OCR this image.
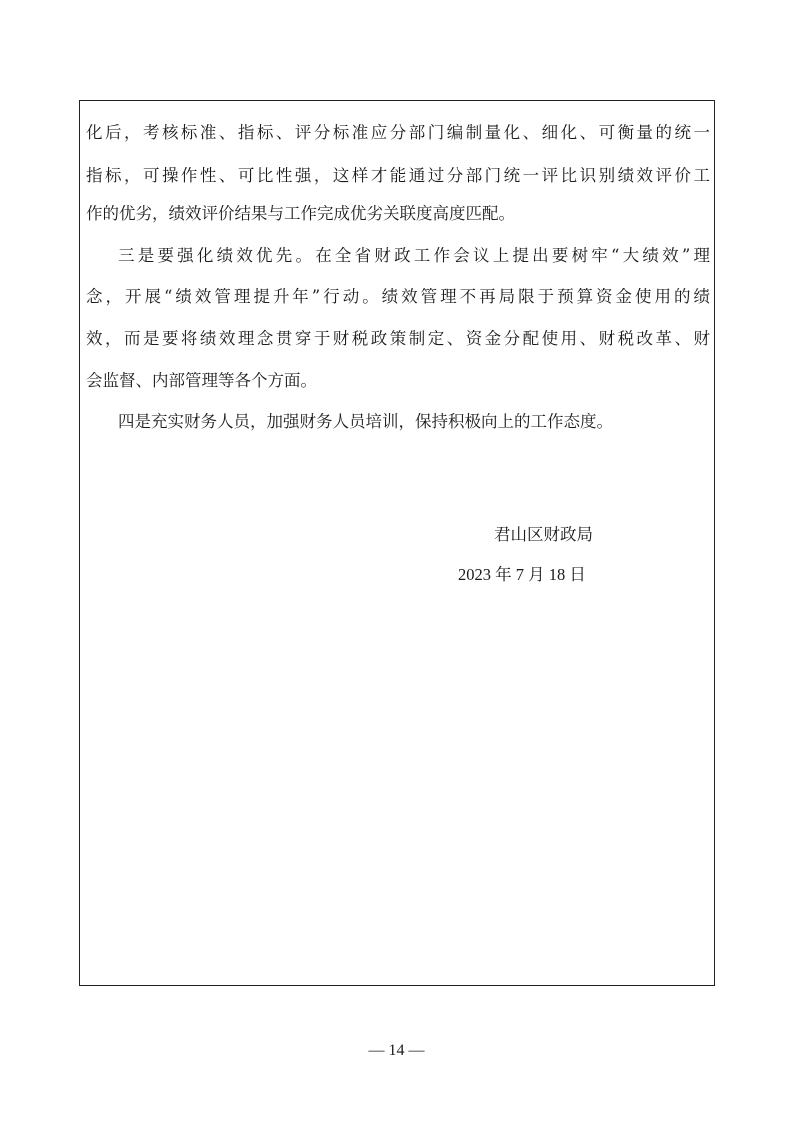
化后，考核标准、指标、评分标准应分部门编制量化、细化、可衡量的统一
指标，可操作性、可比性强，这样才能通过分部门统一评比识别绩效评价工
作的优劣，绩效评价结果与工作完成优劣关联度高度匹配。
三是要强化绩效优先。在全省财政工作会议上提出要树牢“大绩效”理
念，开展“绩效管理提升年”行动。绩效管理不再局限于预算资金使用的绩
效，而是要将绩效理念贯穿于财税政策制定、资金分配使用、财税改革、财
会监督、内部管理等各个方面。
四是充实财务人员，加强财务人员培训，保持积极向上的工作态度。
君山区财政局
2023 年 7 月 18 日
— 14 —
